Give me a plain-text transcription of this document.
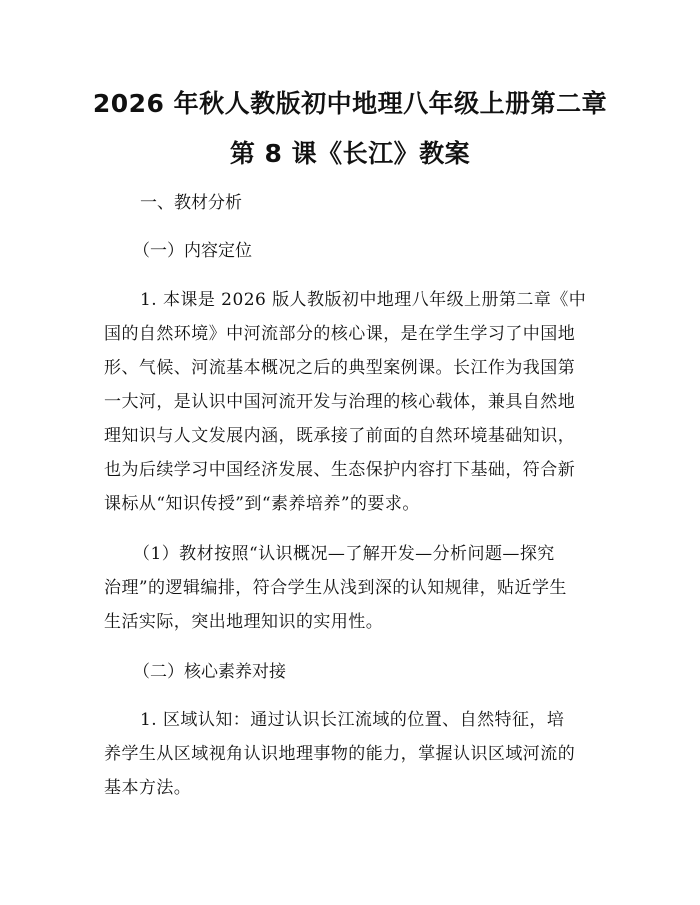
2026 年秋人教版初中地理八年级上册第二章
第 8 课《长江》教案
一、教材分析
（一）内容定位
1. 本课是 2026 版人教版初中地理八年级上册第二章《中
国的自然环境》中河流部分的核心课，是在学生学习了中国地
形、气候、河流基本概况之后的典型案例课。长江作为我国第
一大河，是认识中国河流开发与治理的核心载体，兼具自然地
理知识与人文发展内涵，既承接了前面的自然环境基础知识，
也为后续学习中国经济发展、生态保护内容打下基础，符合新
课标从“知识传授”到“素养培养”的要求。
（1）教材按照“认识概况—了解开发—分析问题—探究
治理”的逻辑编排，符合学生从浅到深的认知规律，贴近学生
生活实际，突出地理知识的实用性。
（二）核心素养对接
1. 区域认知：通过认识长江流域的位置、自然特征，培
养学生从区域视角认识地理事物的能力，掌握认识区域河流的
基本方法。
